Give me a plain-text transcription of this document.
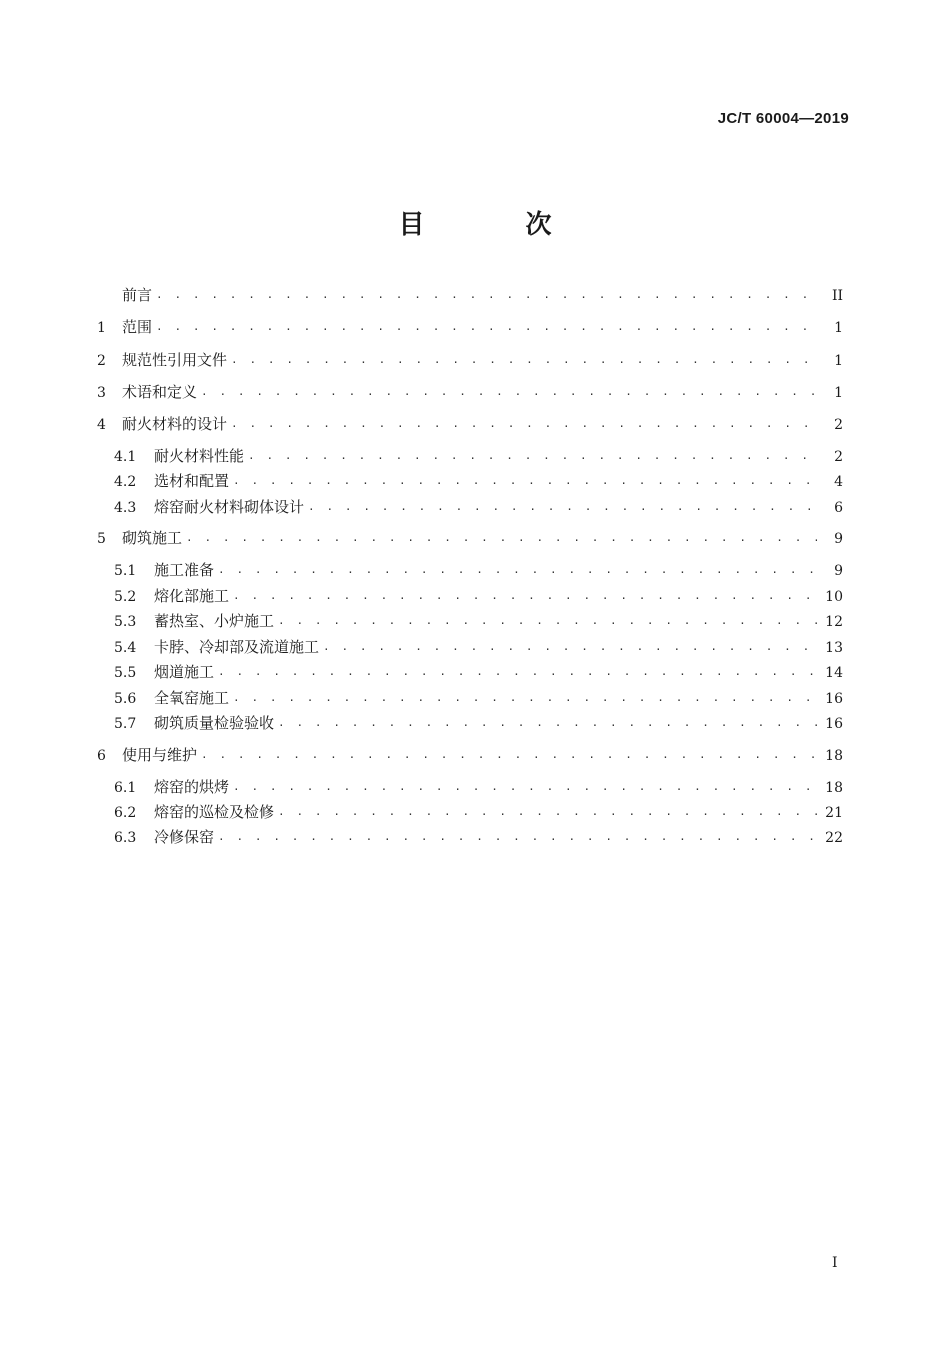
JC/T 60004—2019
目 次
前言 . . .	II
1	范围 . . .	1
2	规范性引用文件 . . .	1
3	术语和定义 . . .	1
4	耐火材料的设计 . . .	2
4.1	耐火材料性能 . . .	2
4.2	选材和配置 . . .	4
4.3	熔窑耐火材料砌体设计 . . .	6
5	砌筑施工 . . .	9
5.1	施工准备 . . .	9
5.2	熔化部施工 . . .	10
5.3	蓄热室、小炉施工 . . .	12
5.4	卡脖、冷却部及流道施工 . . .	13
5.5	烟道施工 . . .	14
5.6	全氧窑施工 . . .	16
5.7	砌筑质量检验验收 . . .	16
6	使用与维护 . . .	18
6.1	熔窑的烘烤 . . .	18
6.2	熔窑的巡检及检修 . . .	21
6.3	冷修保窑 . . .	22
I
